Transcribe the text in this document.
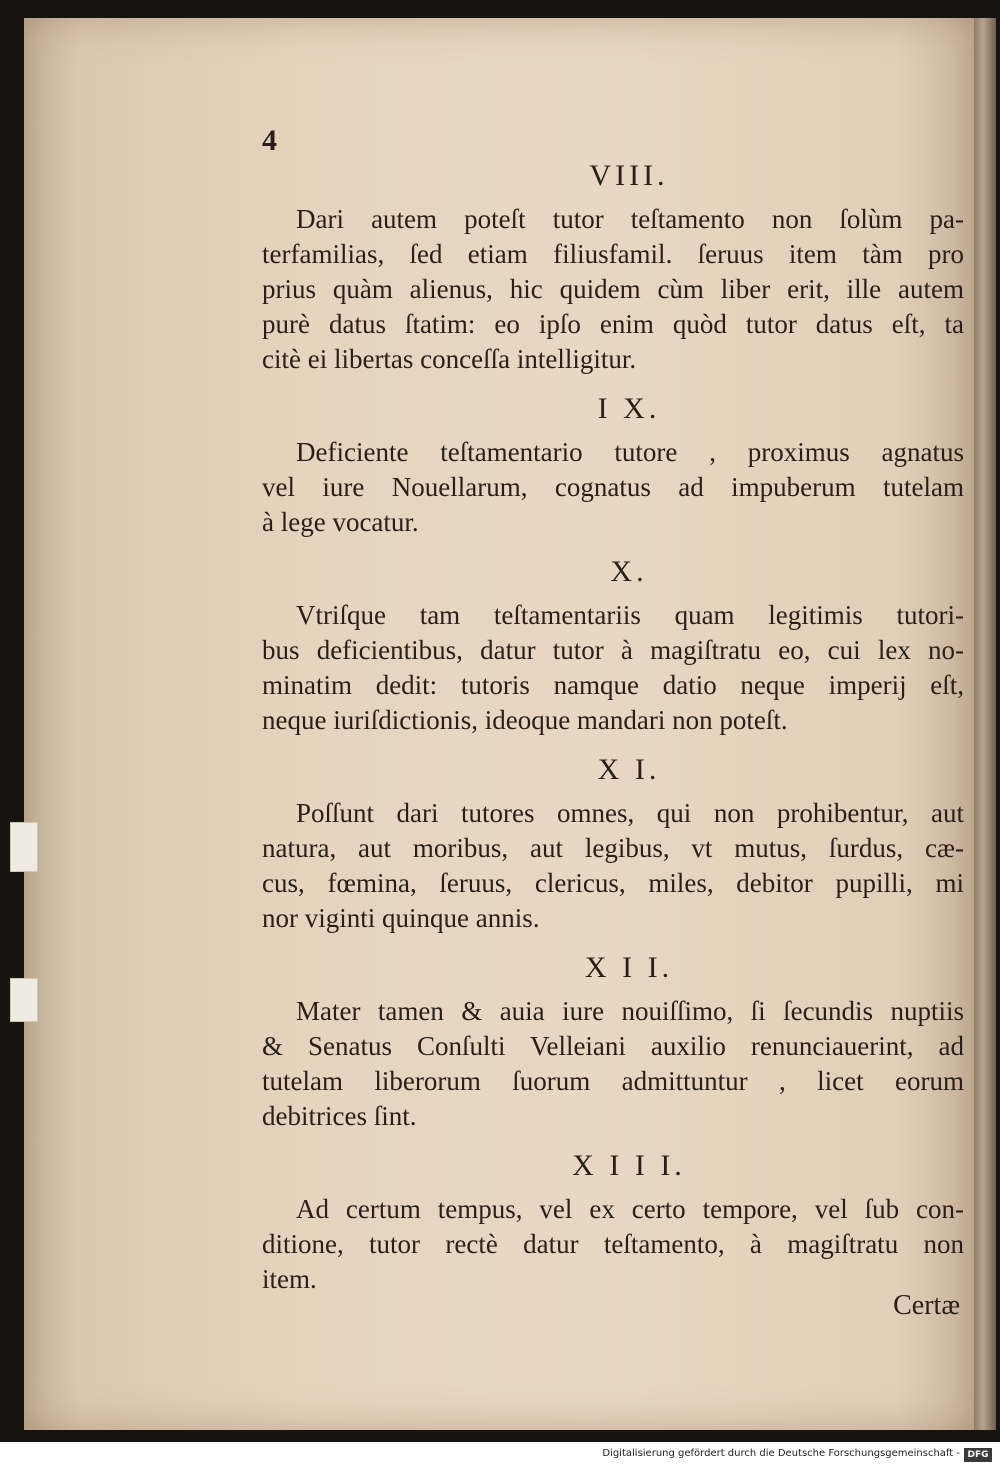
4
VIII.
Dari autem poteſt tutor teſtamento non ſolùm pa-
terfamilias, ſed etiam filiusfamil. ſeruus item tàm pro
prius quàm alienus, hic quidem cùm liber erit, ille autem
purè datus ſtatim: eo ipſo enim quòd tutor datus eſt, ta
citè ei libertas conceſſa intelligitur.
I X.
Deficiente teſtamentario tutore , proximus agnatus
vel iure Nouellarum, cognatus ad impuberum tutelam
à lege vocatur.
X.
Vtriſque tam teſtamentariis quam legitimis tutori-
bus deficientibus, datur tutor à magiſtratu eo, cui lex no-
minatim dedit: tutoris namque datio neque imperij eſt,
neque iuriſdictionis, ideoque mandari non poteſt.
X I.
Poſſunt dari tutores omnes, qui non prohibentur, aut
natura, aut moribus, aut legibus, vt mutus, ſurdus, cæ-
cus, fœmina, ſeruus, clericus, miles, debitor pupilli, mi
nor viginti quinque annis.
X I I.
Mater tamen & auia iure nouiſſimo, ſi ſecundis nuptiis
& Senatus Conſulti Velleiani auxilio renunciauerint, ad
tutelam liberorum ſuorum admittuntur , licet eorum
debitrices ſint.
X I I I.
Ad certum tempus, vel ex certo tempore, vel ſub con-
ditione, tutor rectè datur teſtamento, à magiſtratu non
item.
Certæ
Digitalisierung gefördert durch die Deutsche Forschungsgemeinschaft - DFG
